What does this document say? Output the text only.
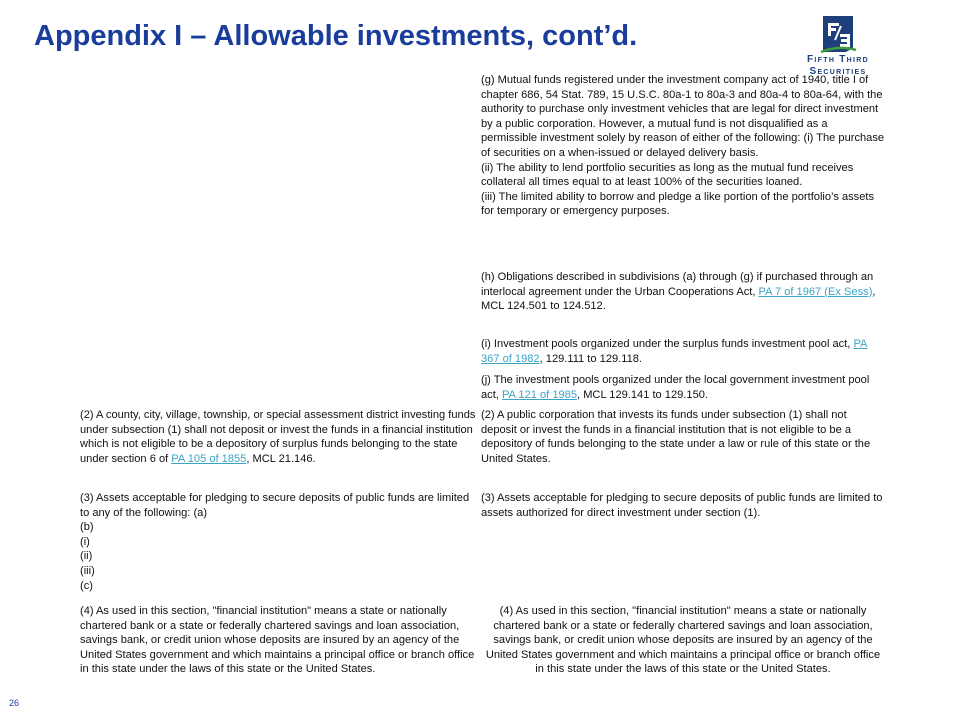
Appendix I – Allowable investments, cont’d.
Fifth Third
Securities

(g) Mutual funds registered under the investment company act of 1940, title I of chapter 686, 54 Stat. 789, 15 U.S.C. 80a-1 to 80a-3 and 80a-4 to 80a-64, with the authority to purchase only investment vehicles that are legal for direct investment by a public corporation. However, a mutual fund is not disqualified as a permissible investment solely by reason of either of the following: (i) The purchase of securities on a when-issued or delayed delivery basis.

(ii) The ability to lend portfolio securities as long as the mutual fund receives collateral all times equal to at least 100% of the securities loaned.

(iii) The limited ability to borrow and pledge a like portion of the portfolio’s assets for temporary or emergency purposes.

(h) Obligations described in subdivisions (a) through (g) if purchased through an interlocal agreement under the Urban Cooperations Act, PA 7 of 1967 (Ex Sess), MCL 124.501 to 124.512.

(i) Investment pools organized under the surplus funds investment pool act, PA 367 of 1982, 129.111 to 129.118.

(j) The investment pools organized under the local government investment pool act, PA 121 of 1985, MCL 129.141 to 129.150.

(2) A county, city, village, township, or special assessment district investing funds under subsection (1) shall not deposit or invest the funds in a financial institution which is not eligible to be a depository of surplus funds belonging to the state under section 6 of PA 105 of 1855, MCL 21.146.

(2) A public corporation that invests its funds under subsection (1) shall not deposit or invest the funds in a financial institution that is not eligible to be a depository of funds belonging to the state under a law or rule of this state or the United States.

(3) Assets acceptable for pledging to secure deposits of public funds are limited to any of the following: (a)

(b)

(i)

(ii)

(iii)

(c)

(3) Assets acceptable for pledging to secure deposits of public funds are limited to assets authorized for direct investment under section (1).

(4) As used in this section, "financial institution" means a state or nationally chartered bank or a state or federally chartered savings and loan association, savings bank, or credit union whose deposits are insured by an agency of the United States government and which maintains a principal office or branch office in this state under the laws of this state or the United States.

(4) As used in this section, "financial institution" means a state or nationally chartered bank or a state or federally chartered savings and loan association, savings bank, or credit union whose deposits are insured by an agency of the United States government and which maintains a principal office or branch office in this state under the laws of this state or the United States.

26
